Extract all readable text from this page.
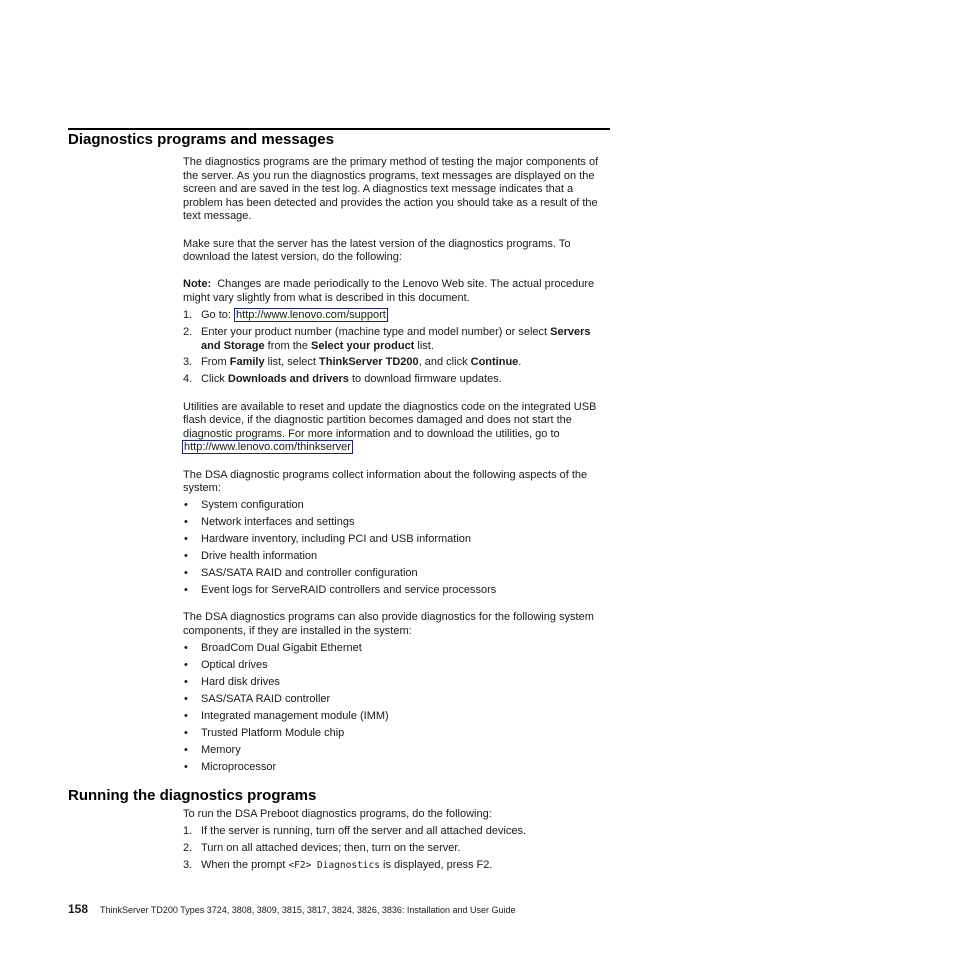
Diagnostics programs and messages

The diagnostics programs are the primary method of testing the major components of the server. As you run the diagnostics programs, text messages are displayed on the screen and are saved in the test log. A diagnostics text message indicates that a problem has been detected and provides the action you should take as a result of the text message.

Make sure that the server has the latest version of the diagnostics programs. To download the latest version, do the following:

Note: Changes are made periodically to the Lenovo Web site. The actual procedure might vary slightly from what is described in this document.

1. Go to: http://www.lenovo.com/support
2. Enter your product number (machine type and model number) or select Servers and Storage from the Select your product list.
3. From Family list, select ThinkServer TD200, and click Continue.
4. Click Downloads and drivers to download firmware updates.

Utilities are available to reset and update the diagnostics code on the integrated USB flash device, if the diagnostic partition becomes damaged and does not start the diagnostic programs. For more information and to download the utilities, go to
http://www.lenovo.com/thinkserver

The DSA diagnostic programs collect information about the following aspects of the system:

• System configuration
• Network interfaces and settings
• Hardware inventory, including PCI and USB information
• Drive health information
• SAS/SATA RAID and controller configuration
• Event logs for ServeRAID controllers and service processors

The DSA diagnostics programs can also provide diagnostics for the following system components, if they are installed in the system:

• BroadCom Dual Gigabit Ethernet
• Optical drives
• Hard disk drives
• SAS/SATA RAID controller
• Integrated management module (IMM)
• Trusted Platform Module chip
• Memory
• Microprocessor
Running the diagnostics programs

To run the DSA Preboot diagnostics programs, do the following:

1. If the server is running, turn off the server and all attached devices.
2. Turn on all attached devices; then, turn on the server.
3. When the prompt <F2> Diagnostics is displayed, press F2.
158 ThinkServer TD200 Types 3724, 3808, 3809, 3815, 3817, 3824, 3826, 3836: Installation and User Guide
